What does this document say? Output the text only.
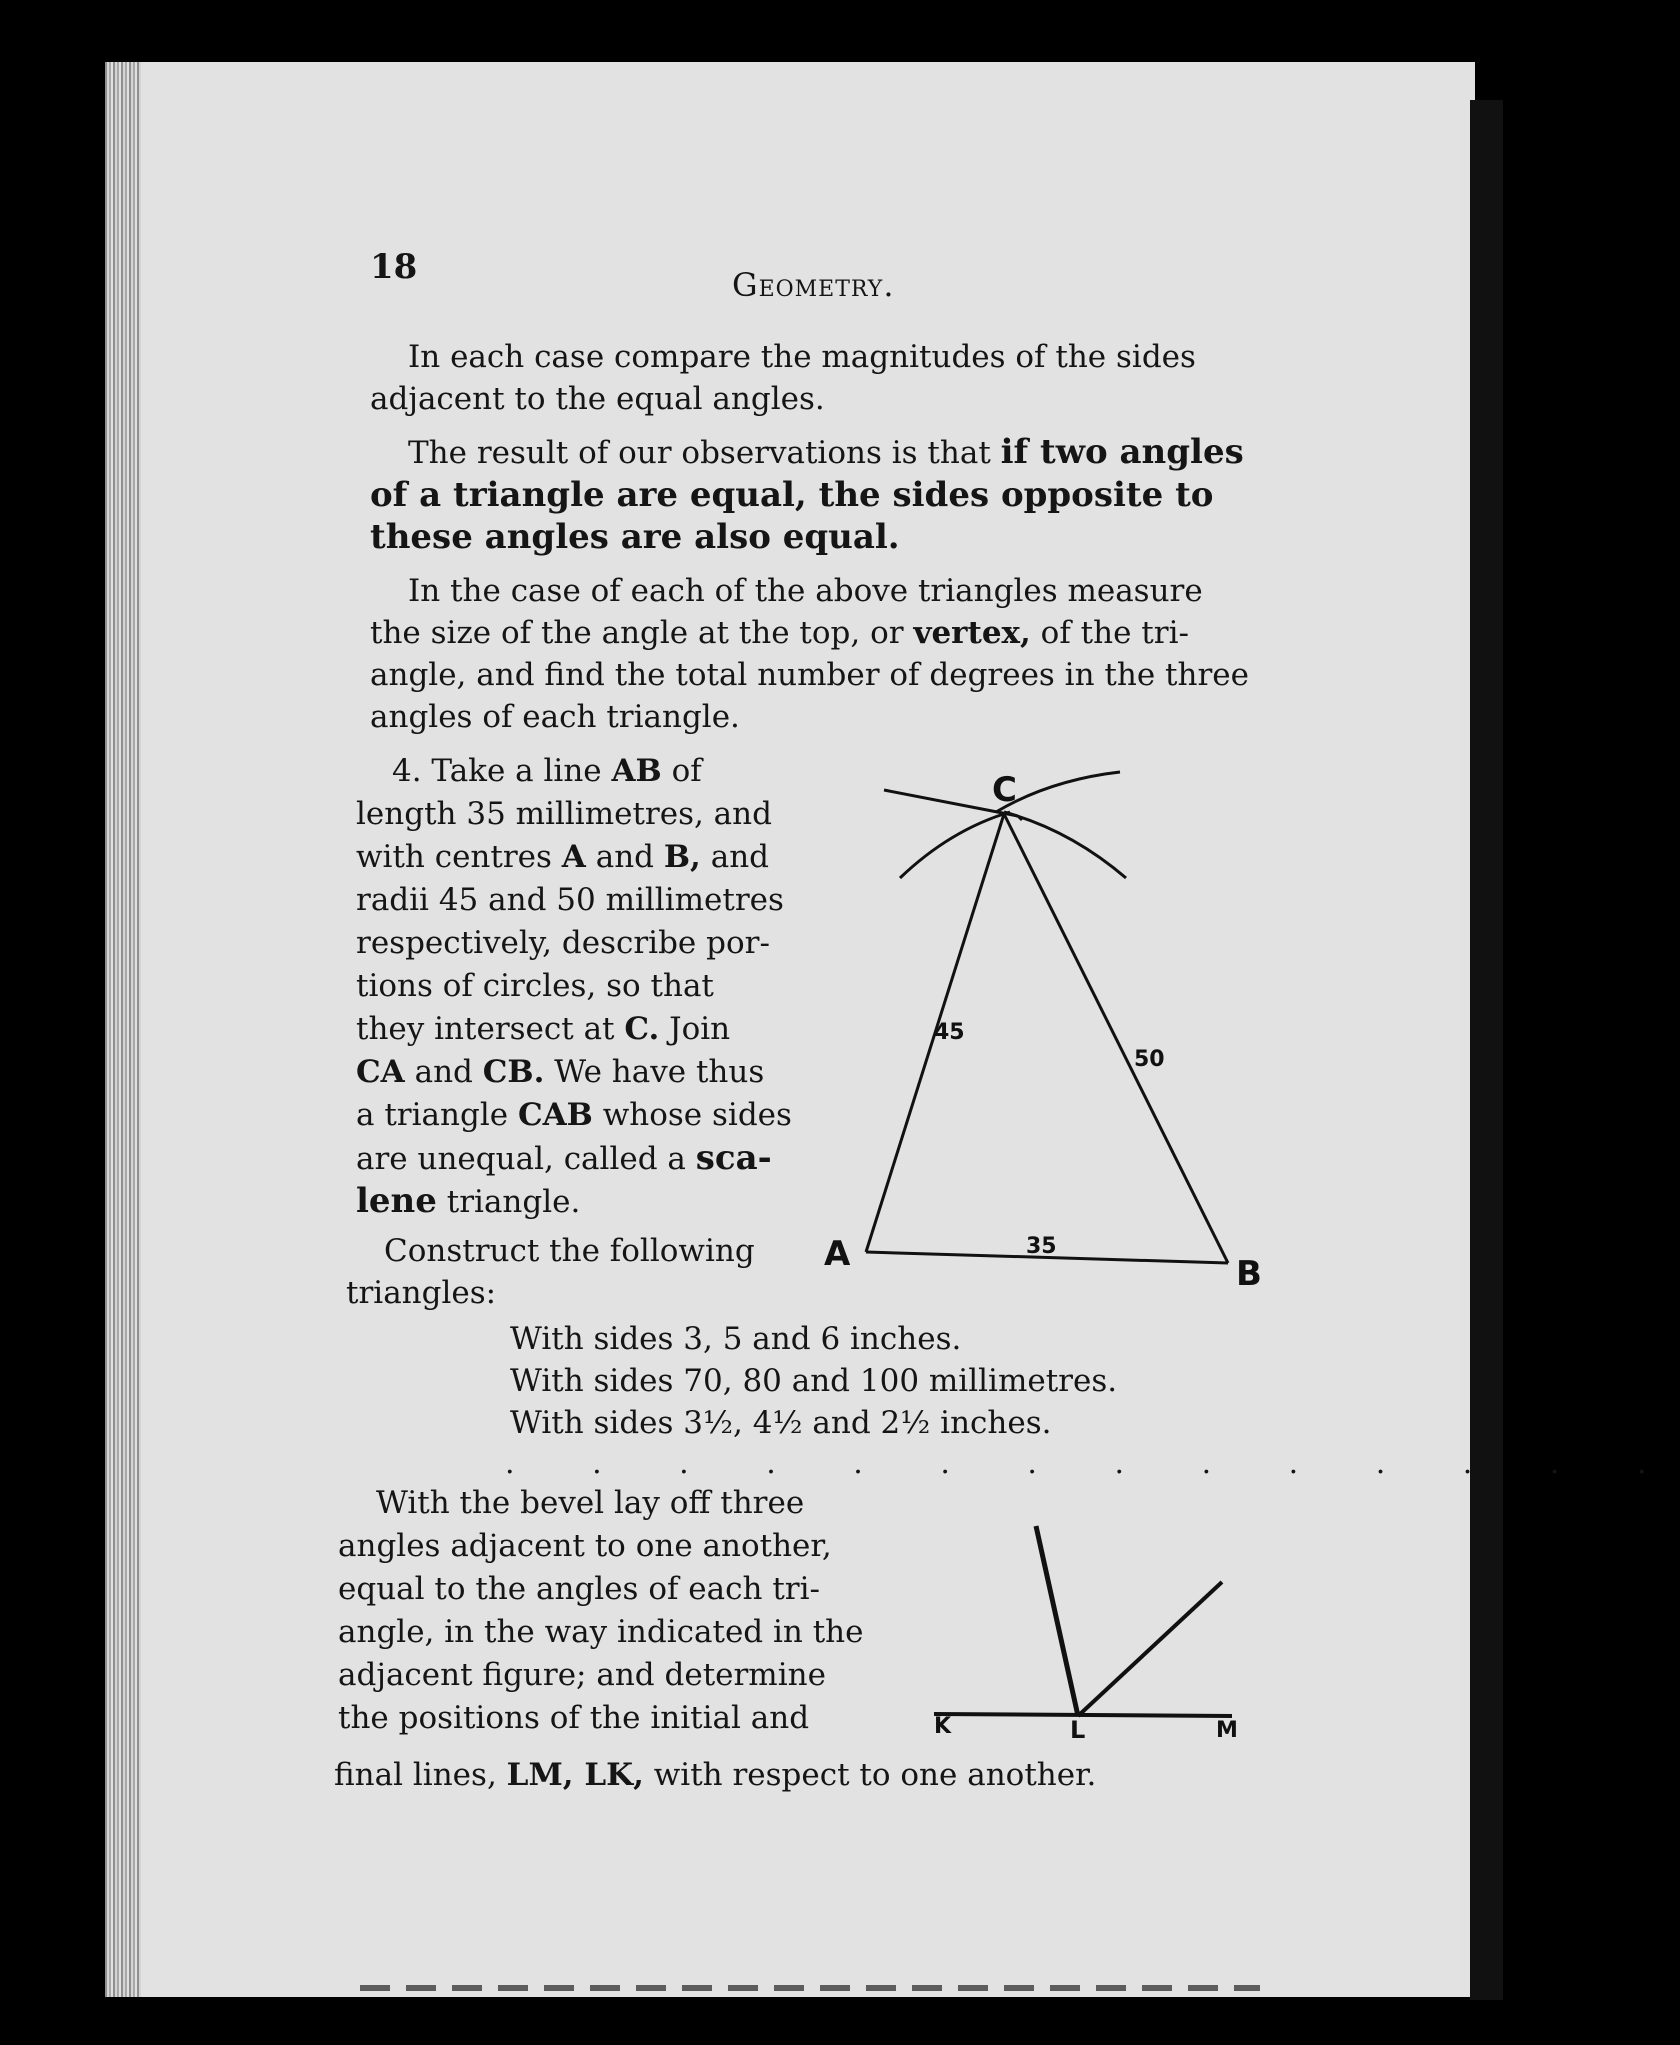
18	Geometry.

In each case compare the magnitudes of the sides

adjacent to the equal angles.

The result of our observations is that if two angles

of a triangle are equal, the sides opposite to

these angles are also equal.

In the case of each of the above triangles measure

the size of the angle at the top, or vertex, of the tri-

angle, and find the total number of degrees in the three

angles of each triangle.

4. Take a line AB of

length 35 millimetres, and

with centres A and B, and

radii 45 and 50 millimetres

respectively, describe por-

tions of circles, so that

they intersect at C. Join

CA and CB. We have thus

a triangle CAB whose sides

are unequal, called a sca-

lene triangle.

Construct the following

triangles:

With sides 3, 5 and 6 inches.

With sides 70, 80 and 100 millimetres.

With sides 3½, 4½ and 2½ inches.

. . . . . . . . . . . . . .

With the bevel lay off three

angles adjacent to one another,

equal to the angles of each tri-

angle, in the way indicated in the

adjacent figure; and determine

the positions of the initial and

final lines, LM, LK, with respect to one another.

C

A	B

45

50

35

K	L	M
